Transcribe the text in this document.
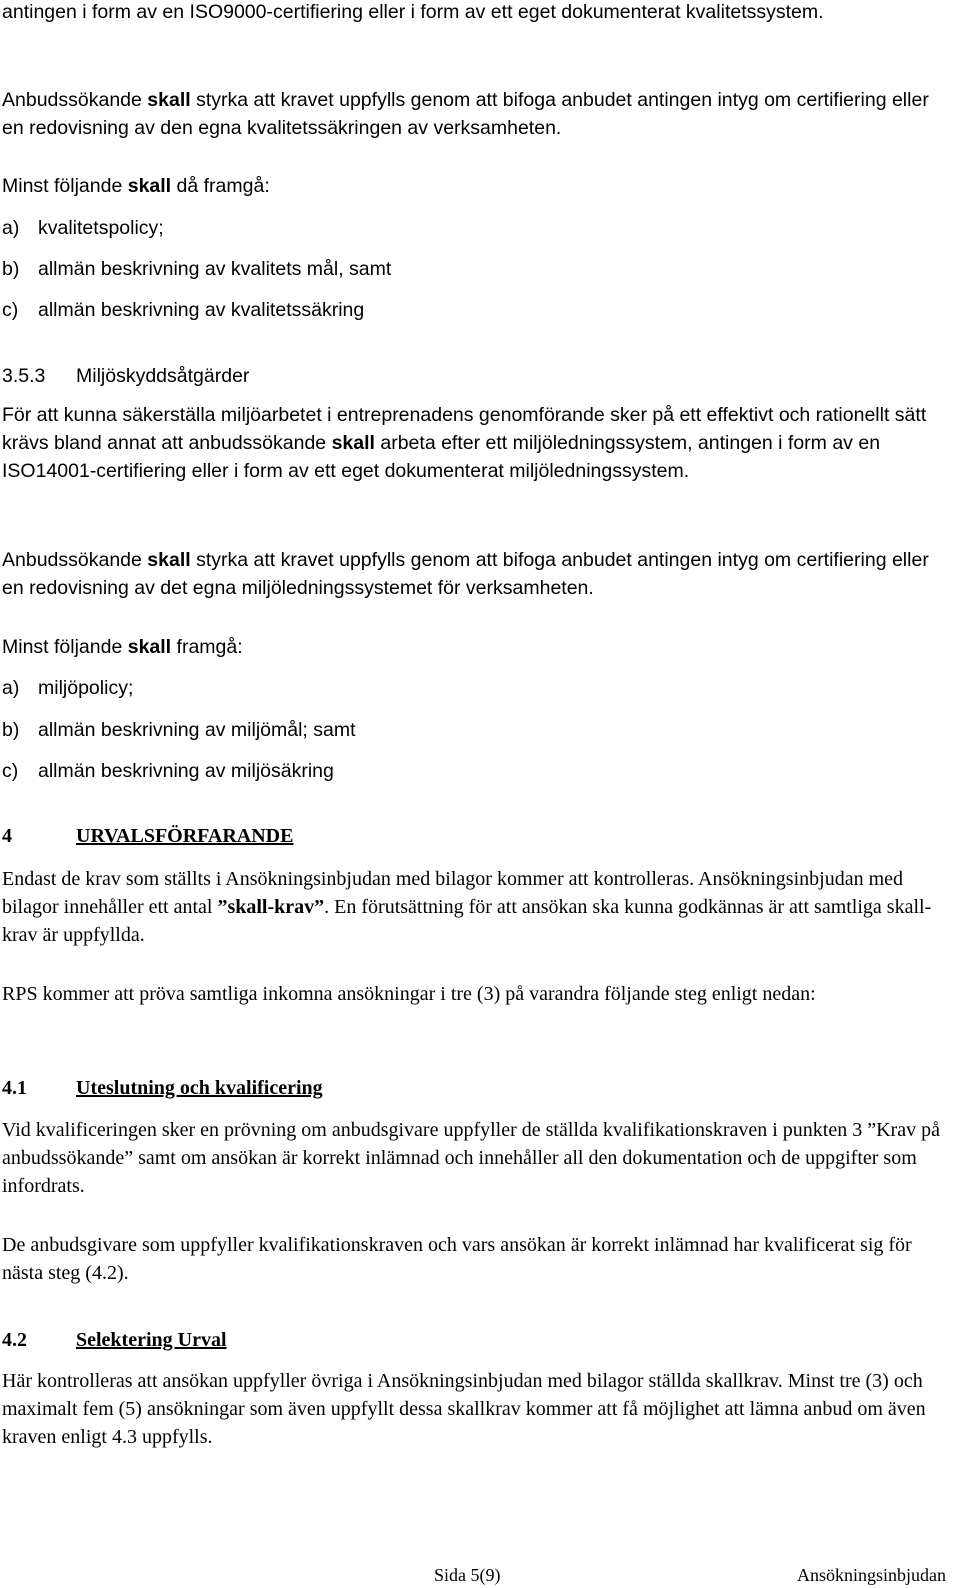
antingen i form av en ISO9000-certifiering eller i form av ett eget dokumenterat kvalitetssystem.

Anbudssökande skall styrka att kravet uppfylls genom att bifoga anbudet antingen intyg om certifiering eller en redovisning av den egna kvalitetssäkringen av verksamheten.

Minst följande skall då framgå:

a) kvalitetspolicy;

b) allmän beskrivning av kvalitets mål, samt

c) allmän beskrivning av kvalitetssäkring

3.5.3 Miljöskyddsåtgärder

För att kunna säkerställa miljöarbetet i entreprenadens genomförande sker på ett effektivt och rationellt sätt krävs bland annat att anbudssökande skall arbeta efter ett miljöledningssystem, antingen i form av en ISO14001-certifiering eller i form av ett eget dokumenterat miljöledningssystem.

Anbudssökande skall styrka att kravet uppfylls genom att bifoga anbudet antingen intyg om certifiering eller en redovisning av det egna miljöledningssystemet för verksamheten.

Minst följande skall framgå:

a) miljöpolicy;

b) allmän beskrivning av miljömål; samt

c) allmän beskrivning av miljösäkring

4	URVALSFÖRFARANDE

Endast de krav som ställts i Ansökningsinbjudan med bilagor kommer att kontrolleras. Ansökningsinbjudan med bilagor innehåller ett antal ”skall-krav”. En förutsättning för att ansökan ska kunna godkännas är att samtliga skall-krav är uppfyllda.

RPS kommer att pröva samtliga inkomna ansökningar i tre (3) på varandra följande steg enligt nedan:

4.1 Uteslutning och kvalificering

Vid kvalificeringen sker en prövning om anbudsgivare uppfyller de ställda kvalifikationskraven i punkten 3 ”Krav på anbudssökande” samt om ansökan är korrekt inlämnad och innehåller all den dokumentation och de uppgifter som infordrats.

De anbudsgivare som uppfyller kvalifikationskraven och vars ansökan är korrekt inlämnad har kvalificerat sig för nästa steg (4.2).

4.2 Selektering Urval

Här kontrolleras att ansökan uppfyller övriga i Ansökningsinbjudan med bilagor ställda skallkrav. Minst tre (3) och maximalt fem (5) ansökningar som även uppfyllt dessa skallkrav kommer att få möjlighet att lämna anbud om även kraven enligt 4.3 uppfylls.

Sida 5(9)	Ansökningsinbjudan
